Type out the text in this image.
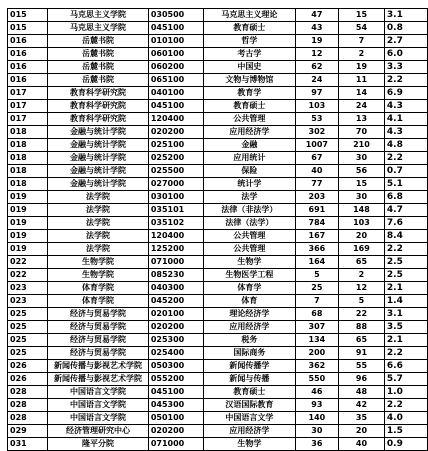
015	马克思主义学院	030500	马克思主义理论	47	15	3.1
015	马克思主义学院	045100	教育硕士	43	54	0.8
016	岳麓书院	010100	哲学	19	7	2.7
016	岳麓书院	060100	考古学	12	2	6.0
016	岳麓书院	060200	中国史	62	19	3.3
016	岳麓书院	065100	文物与博物馆	24	11	2.2
017	教育科学研究院	040100	教育学	97	14	6.9
017	教育科学研究院	045100	教育硕士	103	24	4.3
017	教育科学研究院	120400	公共管理	53	13	4.1
018	金融与统计学院	020200	应用经济学	302	70	4.3
018	金融与统计学院	025100	金融	1007	210	4.8
018	金融与统计学院	025200	应用统计	67	30	2.2
018	金融与统计学院	025500	保险	40	56	0.7
018	金融与统计学院	027000	统计学	77	15	5.1
019	法学院	030100	法学	203	30	6.8
019	法学院	035101	法律（非法学）	691	148	4.7
019	法学院	035102	法律（法学）	784	103	7.6
019	法学院	120400	公共管理	167	20	8.4
019	法学院	125200	公共管理	366	169	2.2
022	生物学院	071000	生物学	164	65	2.5
022	生物学院	085230	生物医学工程	5	2	2.5
023	体育学院	040300	体育学	25	12	2.1
023	体育学院	045200	体育	7	5	1.4
025	经济与贸易学院	020100	理论经济学	68	22	3.1
025	经济与贸易学院	020200	应用经济学	307	88	3.5
025	经济与贸易学院	025300	税务	134	65	2.1
025	经济与贸易学院	025400	国际商务	200	91	2.2
026	新闻传播与影视艺术学院	050300	新闻传播学	362	55	6.6
026	新闻传播与影视艺术学院	055200	新闻与传播	550	96	5.7
028	中国语言文学院	045100	教育硕士	46	48	1.0
028	中国语言文学院	045300	汉语国际教育	93	42	2.2
028	中国语言文学院	050100	中国语言文学	140	35	4.0
029	经济管理研究中心	020200	应用经济学	30	20	1.5
031	隆平分院	071000	生物学	36	40	0.9
